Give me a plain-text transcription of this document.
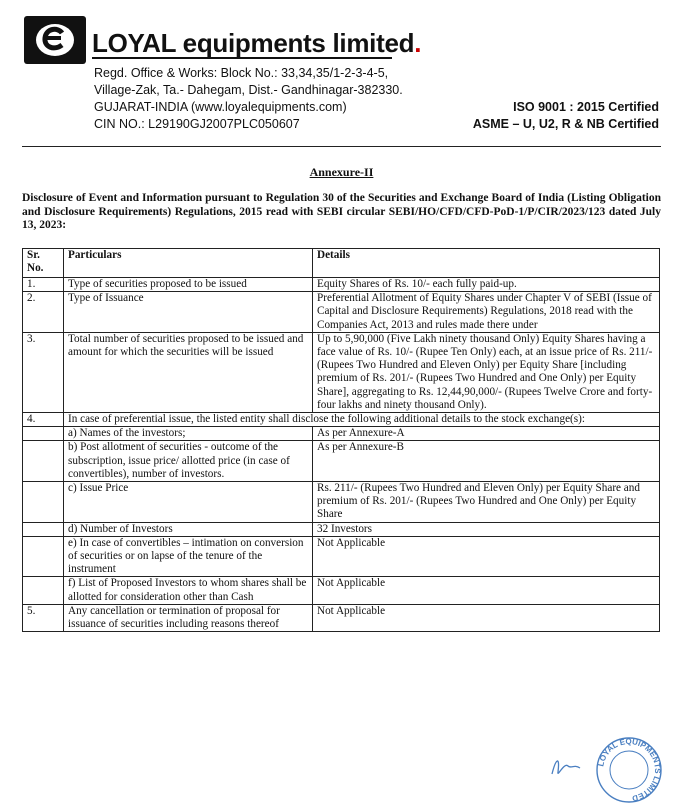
LOYAL equipments limited.
Regd. Office & Works: Block No.: 33,34,35/1-2-3-4-5,
Village-Zak, Ta.- Dahegam, Dist.- Gandhinagar-382330.
GUJARAT-INDIA (www.loyalequipments.com)
CIN NO.: L29190GJ2007PLC050607
ISO 9001 : 2015 Certified
ASME – U, U2, R & NB Certified
Annexure-II
Disclosure of Event and Information pursuant to Regulation 30 of the Securities and Exchange Board of India (Listing Obligation and Disclosure Requirements) Regulations, 2015 read with SEBI circular SEBI/HO/CFD/CFD-PoD-1/P/CIR/2023/123 dated July 13, 2023:
Sr. No.	Particulars	Details
1.	Type of securities proposed to be issued	Equity Shares of Rs. 10/- each fully paid-up.
2.	Type of Issuance	Preferential Allotment of Equity Shares under Chapter V of SEBI (Issue of Capital and Disclosure Requirements) Regulations, 2018 read with the Companies Act, 2013 and rules made there under
3.	Total number of securities proposed to be issued and amount for which the securities will be issued	Up to 5,90,000 (Five Lakh ninety thousand Only) Equity Shares having a face value of Rs. 10/- (Rupee Ten Only) each, at an issue price of Rs. 211/- (Rupees Two Hundred and Eleven Only) per Equity Share [including premium of Rs. 201/- (Rupees Two Hundred and One Only) per Equity Share], aggregating to Rs. 12,44,90,000/- (Rupees Twelve Crore and forty-four lakhs and ninety thousand Only).
4.	In case of preferential issue, the listed entity shall disclose the following additional details to the stock exchange(s):	
	a) Names of the investors;	As per Annexure-A
	b) Post allotment of securities - outcome of the subscription, issue price/ allotted price (in case of convertibles), number of investors.	As per Annexure-B
	c) Issue Price	Rs. 211/- (Rupees Two Hundred and Eleven Only) per Equity Share and premium of Rs. 201/- (Rupees Two Hundred and One Only) per Equity Share
	d) Number of Investors	32 Investors
	e) In case of convertibles – intimation on conversion of securities or on lapse of the tenure of the instrument	Not Applicable
	f) List of Proposed Investors to whom shares shall be allotted for consideration other than Cash	Not Applicable
5.	Any cancellation or termination of proposal for issuance of securities including reasons thereof	Not Applicable
LOYAL EQUIPMENTS LIMITED
